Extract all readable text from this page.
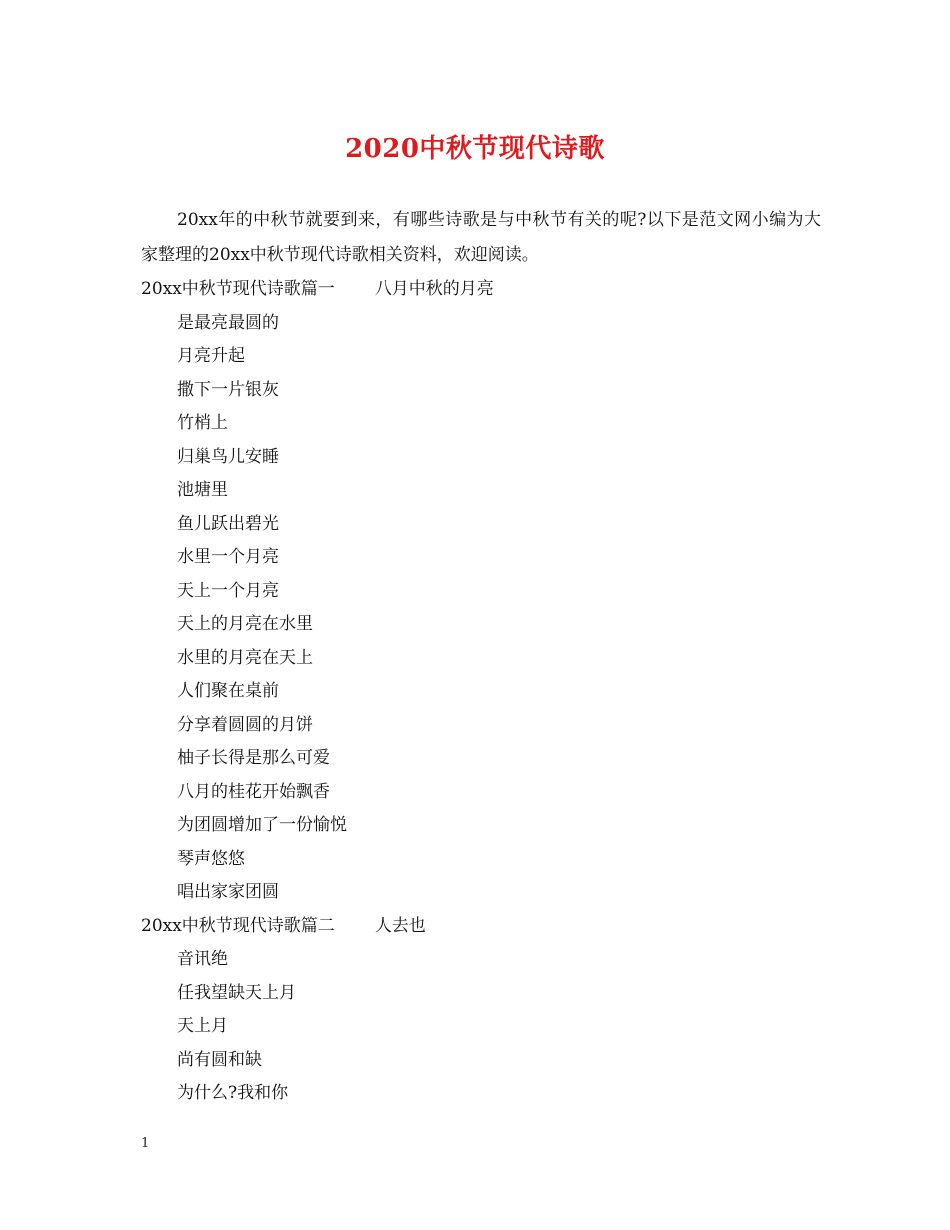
2020中秋节现代诗歌

20xx年的中秋节就要到来，有哪些诗歌是与中秋节有关的呢?以下是范文网小编为大家整理的20xx中秋节现代诗歌相关资料，欢迎阅读。

20xx中秋节现代诗歌篇一 八月中秋的月亮
是最亮最圆的
月亮升起
撒下一片银灰
竹梢上
归巢鸟儿安睡
池塘里
鱼儿跃出碧光
水里一个月亮
天上一个月亮
天上的月亮在水里
水里的月亮在天上
人们聚在桌前
分享着圆圆的月饼
柚子长得是那么可爱
八月的桂花开始飘香
为团圆增加了一份愉悦
琴声悠悠
唱出家家团圆
20xx中秋节现代诗歌篇二 人去也
音讯绝
任我望缺天上月
天上月
尚有圆和缺
为什么?我和你
1
